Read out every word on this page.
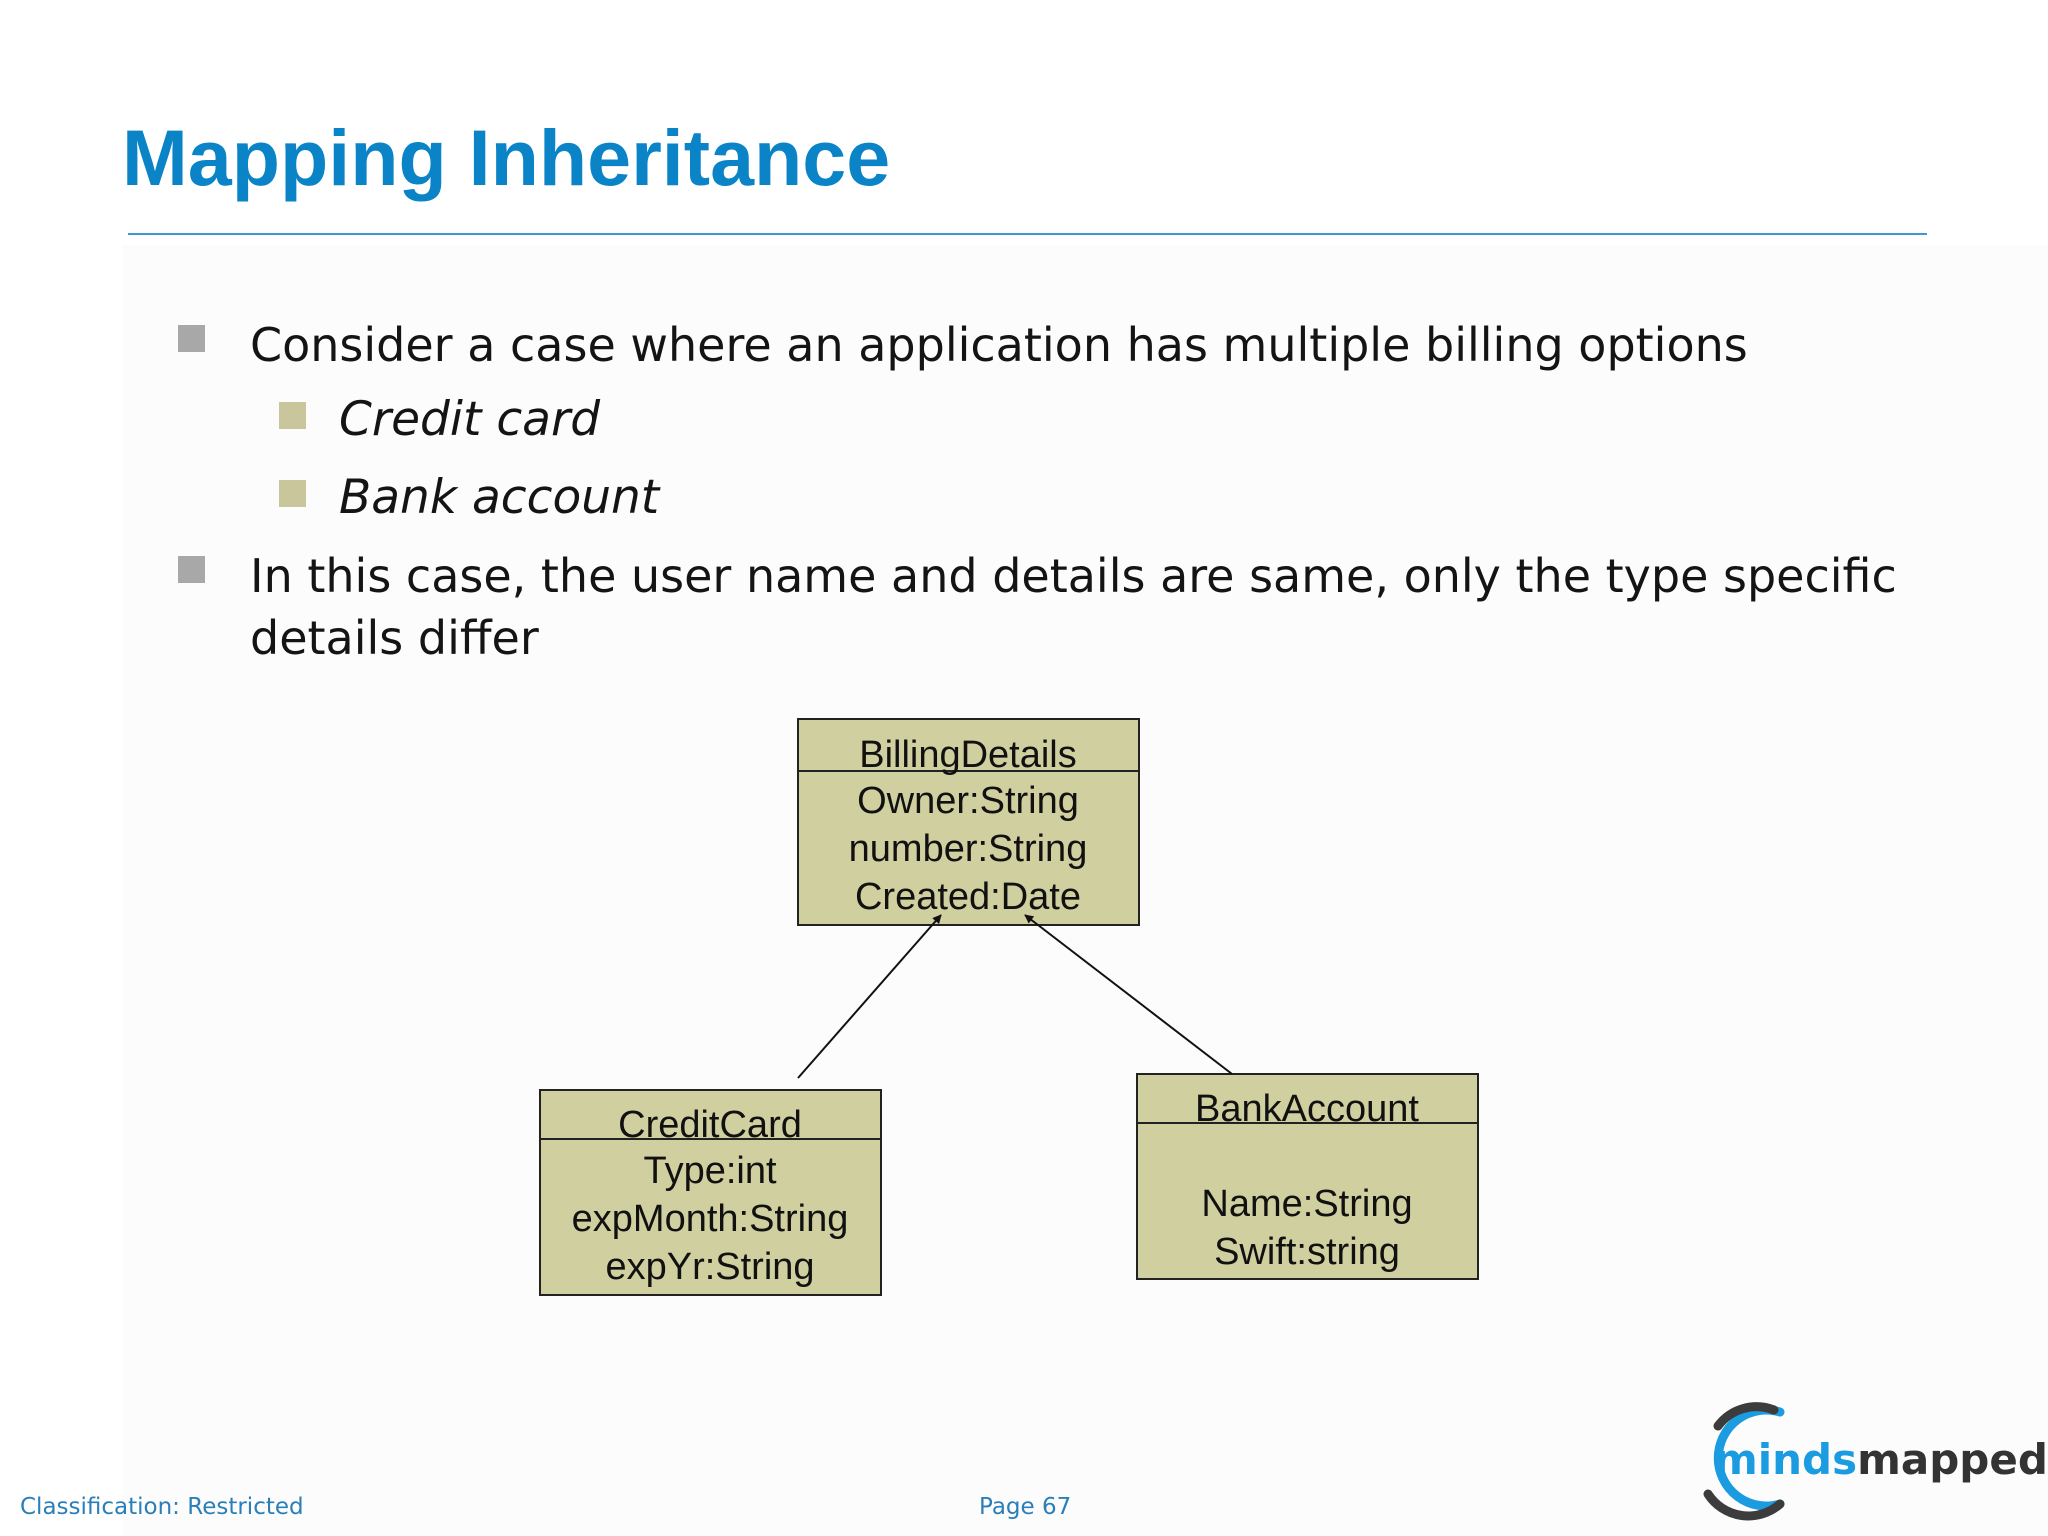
Mapping Inheritance
Consider a case where an application has multiple billing options
Credit card
Bank account
In this case, the user name and details are same, only the type specific
details differ
BillingDetails
Owner:String
number:String
Created:Date
CreditCard
Type:int
expMonth:String
expYr:String
BankAccount
Name:String
Swift:string
Classification: Restricted	Page 67
mindsmapped
